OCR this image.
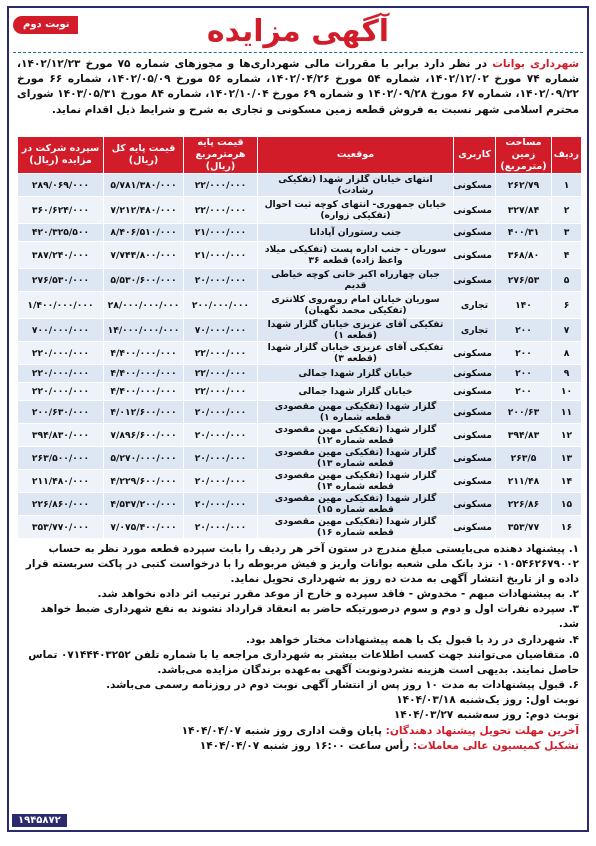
نوبت دوم	آگهی مزایده
شهرداری بوانات در نظر دارد برابر با مقررات مالی شهرداری‌ها و مجوزهای شماره ۷۵ مورخ ۱۴۰۲/۱۲/۲۳، شماره ۷۴ مورخ ۱۴۰۲/۱۲/۰۲، شماره ۵۴ مورخ ۱۴۰۲/۰۴/۲۶، شماره ۵۶ مورخ ۱۴۰۲/۰۵/۰۹، شماره ۶۶ مورخ ۱۴۰۲/۰۹/۲۲، شماره ۶۷ مورخ ۱۴۰۲/۰۹/۲۸ و شماره ۶۹ مورخ ۱۴۰۲/۱۰/۰۴، شماره ۸۴ مورخ ۱۴۰۳/۰۵/۳۱ شورای محترم اسلامی شهر نسبت به فروش قطعه زمین مسکونی و تجاری به شرح و شرایط ذیل اقدام نماید.
ردیف	مساحت زمین (مترمربع)	کاربری	موقعیت	قیمت پایه هرمترمربع (ریال)	قیمت پایه کل (ریال)	سپرده شرکت در مزایده (ریال)
۱	۲۶۲/۷۹	مسکونی	انتهای خیابان گلزار شهدا (تفکیکی رشادت)	۲۲/۰۰۰/۰۰۰	۵/۷۸۱/۳۸۰/۰۰۰	۲۸۹/۰۶۹/۰۰۰
۲	۳۲۷/۸۴	مسکونی	خیابان جمهوری- انتهای کوچه ثبت احوال (تفکیکی زواره)	۲۲/۰۰۰/۰۰۰	۷/۲۱۲/۴۸۰/۰۰۰	۳۶۰/۶۲۴/۰۰۰
۳	۴۰۰/۳۱	مسکونی	جنب رستوران آپادانا	۲۱/۰۰۰/۰۰۰	۸/۴۰۶/۵۱۰/۰۰۰	۴۲۰/۳۲۵/۵۰۰
۴	۳۶۸/۸۰	مسکونی	سوریان - جنب اداره پست (تفکیکی میلاد واعظ زاده) قطعه ۳۶	۲۱/۰۰۰/۰۰۰	۷/۷۴۴/۸۰۰/۰۰۰	۳۸۷/۲۴۰/۰۰۰
۵	۲۷۶/۵۳	مسکونی	جبان چهارراه اکبر خانی کوچه خیاطی قدیم	۲۰/۰۰۰/۰۰۰	۵/۵۳۰/۶۰۰/۰۰۰	۲۷۶/۵۳۰/۰۰۰
۶	۱۴۰	تجاری	سوریان خیابان امام روبه‌روی کلانتری (تفکیکی محمد نگهبان)	۲۰۰/۰۰۰/۰۰۰	۲۸/۰۰۰/۰۰۰/۰۰۰	۱/۴۰۰/۰۰۰/۰۰۰
۷	۲۰۰	تجاری	تفکیکی آقای عزیزی خیابان گلزار شهدا (قطعه ۱)	۷۰/۰۰۰/۰۰۰	۱۴/۰۰۰/۰۰۰/۰۰۰	۷۰۰/۰۰۰/۰۰۰
۸	۲۰۰	مسکونی	تفکیکی آقای عزیزی خیابان گلزار شهدا (قطعه ۳)	۲۲/۰۰۰/۰۰۰	۴/۴۰۰/۰۰۰/۰۰۰	۲۲۰/۰۰۰/۰۰۰
۹	۲۰۰	مسکونی	خیابان گلزار شهدا جمالی	۲۲/۰۰۰/۰۰۰	۴/۴۰۰/۰۰۰/۰۰۰	۲۲۰/۰۰۰/۰۰۰
۱۰	۲۰۰	مسکونی	خیابان گلزار شهدا جمالی	۲۲/۰۰۰/۰۰۰	۴/۴۰۰/۰۰۰/۰۰۰	۲۲۰/۰۰۰/۰۰۰
۱۱	۲۰۰/۶۳	مسکونی	گلزار شهدا (تفکیکی مهین مقصودی قطعه شماره ۱)	۲۰/۰۰۰/۰۰۰	۴/۰۱۲/۶۰۰/۰۰۰	۲۰۰/۶۳۰/۰۰۰
۱۲	۳۹۴/۸۳	مسکونی	گلزار شهدا (تفکیکی مهین مقصودی قطعه شماره ۱۲)	۲۰/۰۰۰/۰۰۰	۷/۸۹۶/۶۰۰/۰۰۰	۳۹۴/۸۳۰/۰۰۰
۱۳	۲۶۳/۵	مسکونی	گلزار شهدا (تفکیکی مهین مقصودی قطعه شماره ۱۳)	۲۰/۰۰۰/۰۰۰	۵/۲۷۰/۰۰۰/۰۰۰	۲۶۳/۵۰۰/۰۰۰
۱۴	۲۱۱/۴۸	مسکونی	گلزار شهدا (تفکیکی مهین مقصودی قطعه شماره ۱۴)	۲۰/۰۰۰/۰۰۰	۴/۲۲۹/۶۰۰/۰۰۰	۲۱۱/۴۸۰/۰۰۰
۱۵	۲۲۶/۸۶	مسکونی	گلزار شهدا (تفکیکی مهین مقصودی قطعه شماره ۱۵)	۲۰/۰۰۰/۰۰۰	۴/۵۳۷/۲۰۰/۰۰۰	۲۲۶/۸۶۰/۰۰۰
۱۶	۳۵۳/۷۷	مسکونی	گلزار شهدا (تفکیکی مهین مقصودی قطعه شماره ۱۶)	۲۰/۰۰۰/۰۰۰	۷/۰۷۵/۴۰۰/۰۰۰	۳۵۳/۷۷۰/۰۰۰

۱. پیشنهاد دهنده می‌بایستی مبلغ مندرج در ستون آخر هر ردیف را بابت سپرده قطعه مورد نظر به حساب ۰۱۰۵۴۶۲۶۷۹۰۰۲ نزد بانک ملی شعبه بوانات واریز و فیش مربوطه را با درخواست کتبی در پاکت سربسته قرار داده و از تاریخ انتشار آگهی به مدت ده روز به شهرداری تحویل نماید.

۲. به پیشنهادات مبهم - مخدوش - فاقد سپرده و خارج از موعد مقرر ترتیب اثر داده نخواهد شد.

۳. سپرده نفرات اول و دوم و سوم درصورتیکه حاضر به انعقاد قرارداد نشوند به نفع شهرداری ضبط خواهد شد.

۴. شهرداری در رد یا قبول یک یا همه پیشنهادات مختار خواهد بود.

۵. متقاضیان می‌توانند جهت کسب اطلاعات بیشتر به شهرداری مراجعه یا با شماره تلفن ۰۷۱۴۴۴۰۳۲۵۲ تماس حاصل نمایند. بدیهی است هزینه نشردونوبت آگهی به‌عهده برندگان مزایده می‌باشد.

۶. قبول پیشنهادات به مدت ۱۰ روز پس از انتشار آگهی نوبت دوم در روزنامه رسمی می‌باشد.

نوبت اول: روز یک‌شنبه ۱۴۰۴/۰۳/۱۸
نوبت دوم: روز سه‌شنبه ۱۴۰۴/۰۳/۲۷
آخرین مهلت تحویل پیشنهاد دهندگان: پایان وقت اداری روز شنبه ۱۴۰۴/۰۴/۰۷
تشکیل کمیسیون عالی معاملات: رأس ساعت ۱۶:۰۰ روز شنبه ۱۴۰۴/۰۴/۰۷
۱۹۴۵۸۷۲
